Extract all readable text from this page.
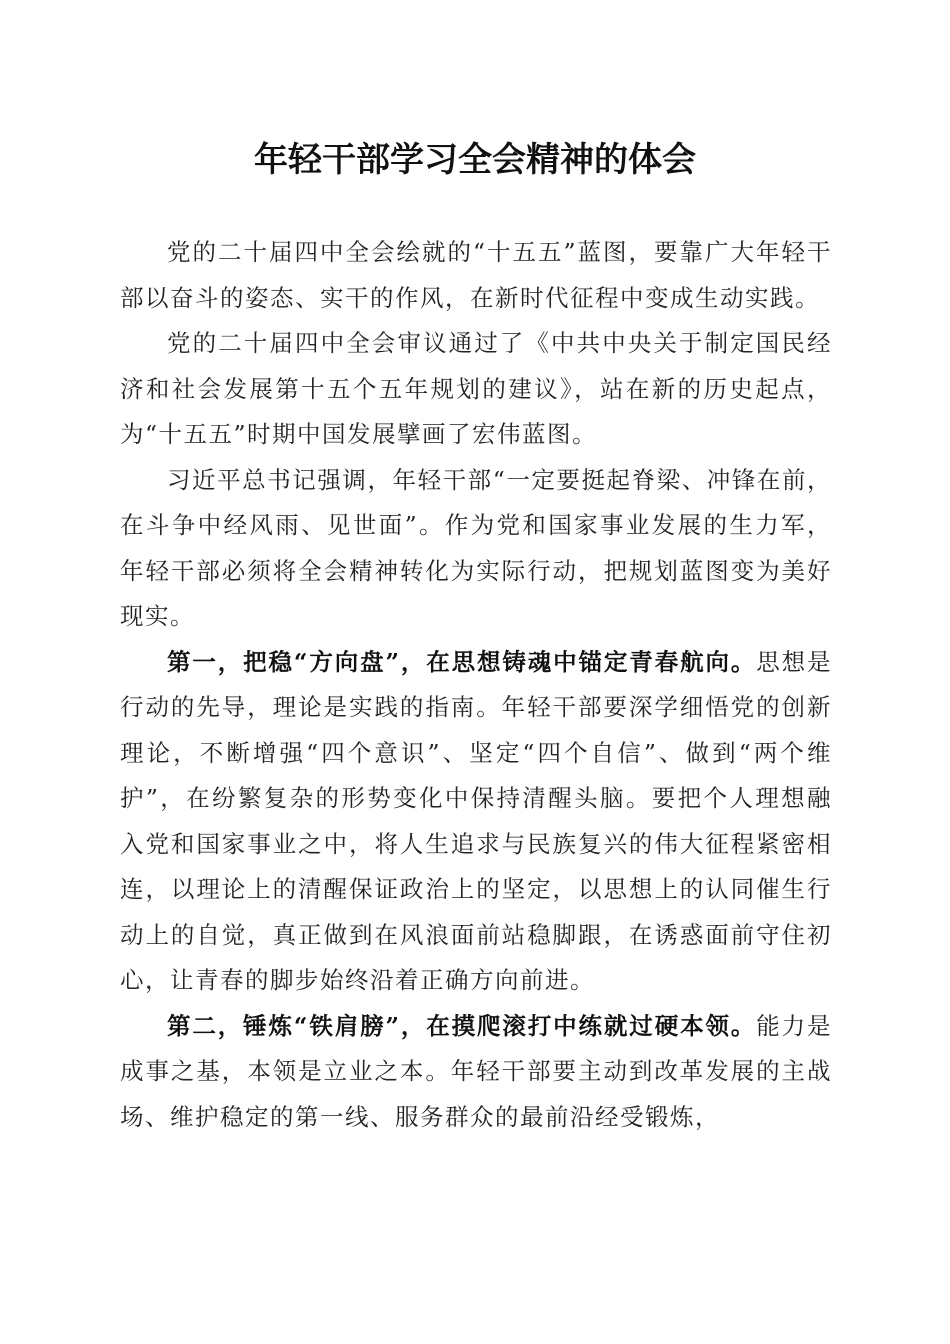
年轻干部学习全会精神的体会

党的二十届四中全会绘就的“十五五”蓝图，要靠广大年轻干部以奋斗的姿态、实干的作风，在新时代征程中变成生动实践。

党的二十届四中全会审议通过了《中共中央关于制定国民经济和社会发展第十五个五年规划的建议》，站在新的历史起点，为“十五五”时期中国发展擘画了宏伟蓝图。

习近平总书记强调，年轻干部“一定要挺起脊梁、冲锋在前，在斗争中经风雨、见世面”。作为党和国家事业发展的生力军，年轻干部必须将全会精神转化为实际行动，把规划蓝图变为美好现实。

第一，把稳“方向盘”，在思想铸魂中锚定青春航向。思想是行动的先导，理论是实践的指南。年轻干部要深学细悟党的创新理论，不断增强“四个意识”、坚定“四个自信”、做到“两个维护”，在纷繁复杂的形势变化中保持清醒头脑。要把个人理想融入党和国家事业之中，将人生追求与民族复兴的伟大征程紧密相连，以理论上的清醒保证政治上的坚定，以思想上的认同催生行动上的自觉，真正做到在风浪面前站稳脚跟，在诱惑面前守住初心，让青春的脚步始终沿着正确方向前进。

第二，锤炼“铁肩膀”，在摸爬滚打中练就过硬本领。能力是成事之基，本领是立业之本。年轻干部要主动到改革发展的主战场、维护稳定的第一线、服务群众的最前沿经受锻炼，
